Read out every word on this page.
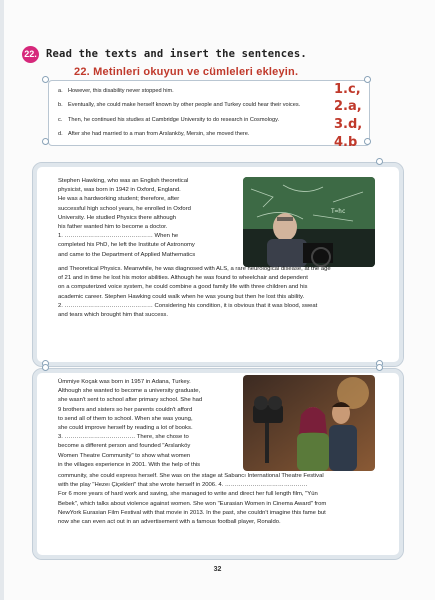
22. Read the texts and insert the sentences.
22. Metinleri okuyun ve cümleleri ekleyin.
a. However, this disability never stopped him.
b. Eventually, she could make herself known by other people and Turkey could hear their voices.
c. Then, he continued his studies at Cambridge University to do research in Cosmology.
d. After she had married to a man from Arslanköy, Mersin, she moved there.
1.c,
2.a,
3.d,
4.b
Stephen Hawking, who was an English theoretical
physicist, was born in 1942 in Oxford, England.
He was a hardworking student; therefore, after
successful high school years, he enrolled in Oxford
University. He studied Physics there although
his father wanted him to become a doctor.
1. ……………………………………… When he
completed his PhD, he left the Institute of Astronomy
and came to the Department of Applied Mathematics
T=hc
and Theoretical Physics. Meanwhile, he was diagnosed with ALS, a rare neurological disease, at the age
of 21 and in time he lost his motor abilities. Although he was found to wheelchair and dependent
on a computerized voice system, he could combine a good family life with three children and his
academic career. Stephen Hawking could walk when he was young but then he lost this ability.
2. ……………………………………… Considering his condition, it is obvious that it was blood, sweat
and tears which brought him that success.
Ümmiye Koçak was born in 1957 in Adana, Turkey.
Although she wanted to become a university graduate,
she wasn't sent to school after primary school. She had
9 brothers and sisters so her parents couldn't afford
to send all of them to school. When she was young,
she could improve herself by reading a lot of books.
3. ……………………………… There, she chose to
become a different person and founded "Arslanköy
Women Theatre Community" to show what women
in the villages experience in 2001. With the help of this
community, she could express herself. She was on the stage at Sabancı International Theatre Festival
with the play "Hezeı Çiçekleri" that she wrote herself in 2006. 4. ……………………………………
For 6 more years of hard work and saving, she managed to write and direct her full length film, "Yün
Bebek", which talks about violence against women. She won "Eurasian Women in Cinema Award" from
NewYork Eurasian Film Festival with that movie in 2013. In the past, she couldn't imagine this fame but
now she can even act out in an advertisement with a famous football player, Ronaldo.
32
